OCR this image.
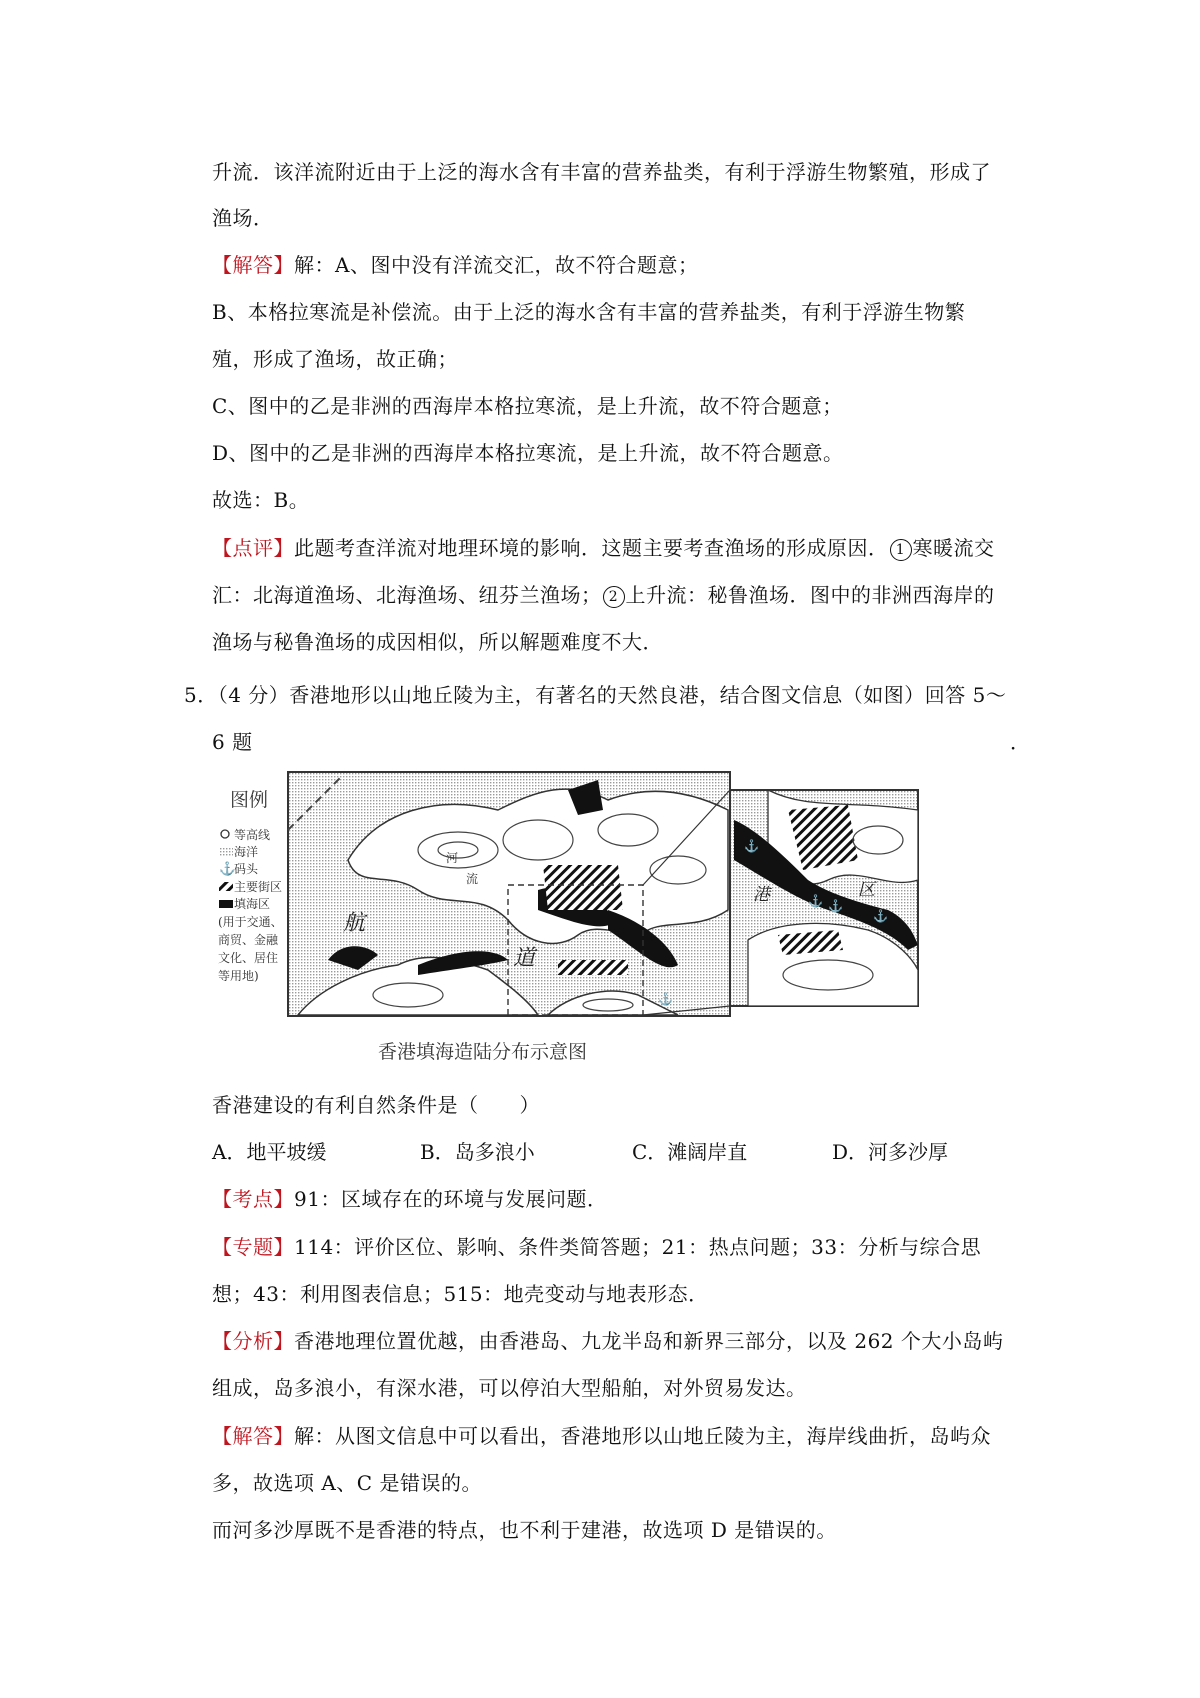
升流．该洋流附近由于上泛的海水含有丰富的营养盐类，有利于浮游生物繁殖，形成了
渔场．
【解答】解：A、图中没有洋流交汇，故不符合题意；
B、本格拉寒流是补偿流。由于上泛的海水含有丰富的营养盐类，有利于浮游生物繁
殖，形成了渔场，故正确；
C、图中的乙是非洲的西海岸本格拉寒流，是上升流，故不符合题意；
D、图中的乙是非洲的西海岸本格拉寒流，是上升流，故不符合题意。
故选：B。
【点评】此题考查洋流对地理环境的影响．这题主要考查渔场的形成原因． 1 寒暖流交
汇：北海道渔场、北海渔场、纽芬兰渔场； 2 上升流：秘鲁渔场．图中的非洲西海岸的
渔场与秘鲁渔场的成因相似，所以解题难度不大．
5．（4 分）香港地形以山地丘陵为主，有著名的天然良港，结合图文信息（如图）回答 5～
6 题	．
图例
等高线
海洋
⚓
码头
主要街区
填海区
(用于交通、
商贸、金融
文化、居住
等用地)
河
流
航
道
⚓
⚓
⚓ ⚓
⚓
港	区
香港填海造陆分布示意图
香港建设的有利自然条件是（　　）
A．地平坡缓	B．岛多浪小	C．滩阔岸直	D．河多沙厚
【考点】91：区域存在的环境与发展问题．
【专题】114：评价区位、影响、条件类简答题；21：热点问题；33：分析与综合思
想；43：利用图表信息；515：地壳变动与地表形态．
【分析】香港地理位置优越，由香港岛、九龙半岛和新界三部分，以及 262 个大小岛屿
组成，岛多浪小，有深水港，可以停泊大型船舶，对外贸易发达。
【解答】解：从图文信息中可以看出，香港地形以山地丘陵为主，海岸线曲折，岛屿众
多，故选项 A、C 是错误的。
而河多沙厚既不是香港的特点，也不利于建港，故选项 D 是错误的。
